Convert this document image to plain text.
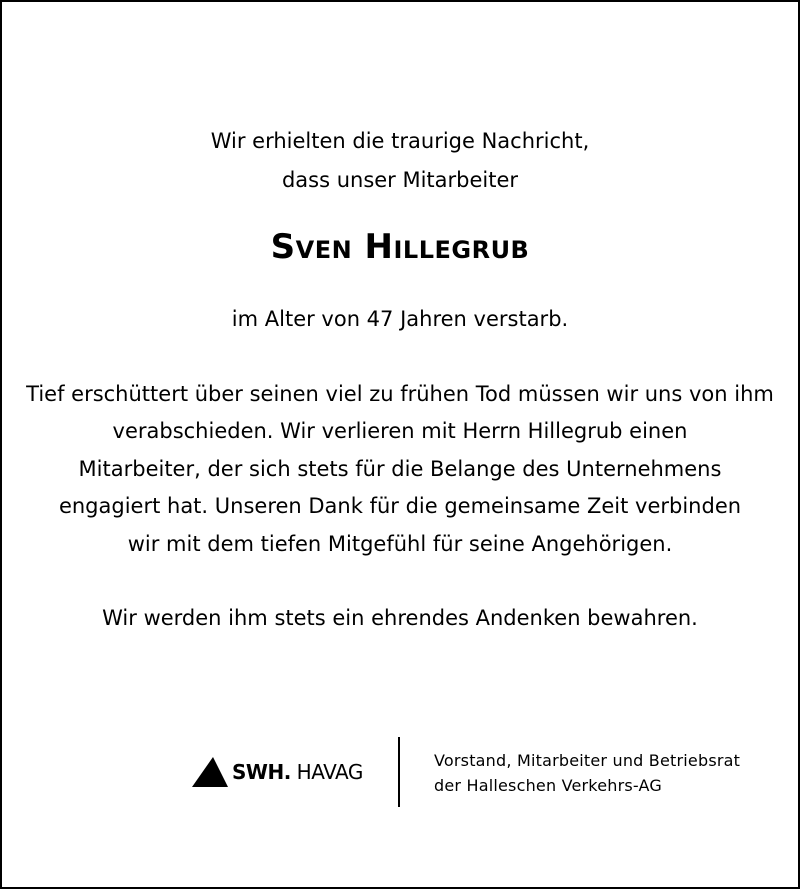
Wir erhielten die traurige Nachricht,
dass unser Mitarbeiter
Sven Hillegrub
im Alter von 47 Jahren verstarb.
Tief erschüttert über seinen viel zu frühen Tod müssen wir uns von ihm
verabschieden. Wir verlieren mit Herrn Hillegrub einen
Mitarbeiter, der sich stets für die Belange des Unternehmens
engagiert hat. Unseren Dank für die gemeinsame Zeit verbinden
wir mit dem tiefen Mitgefühl für seine Angehörigen.
Wir werden ihm stets ein ehrendes Andenken bewahren.
SWH. HAVAG	Vorstand, Mitarbeiter und Betriebsrat
der Halleschen Verkehrs-AG
